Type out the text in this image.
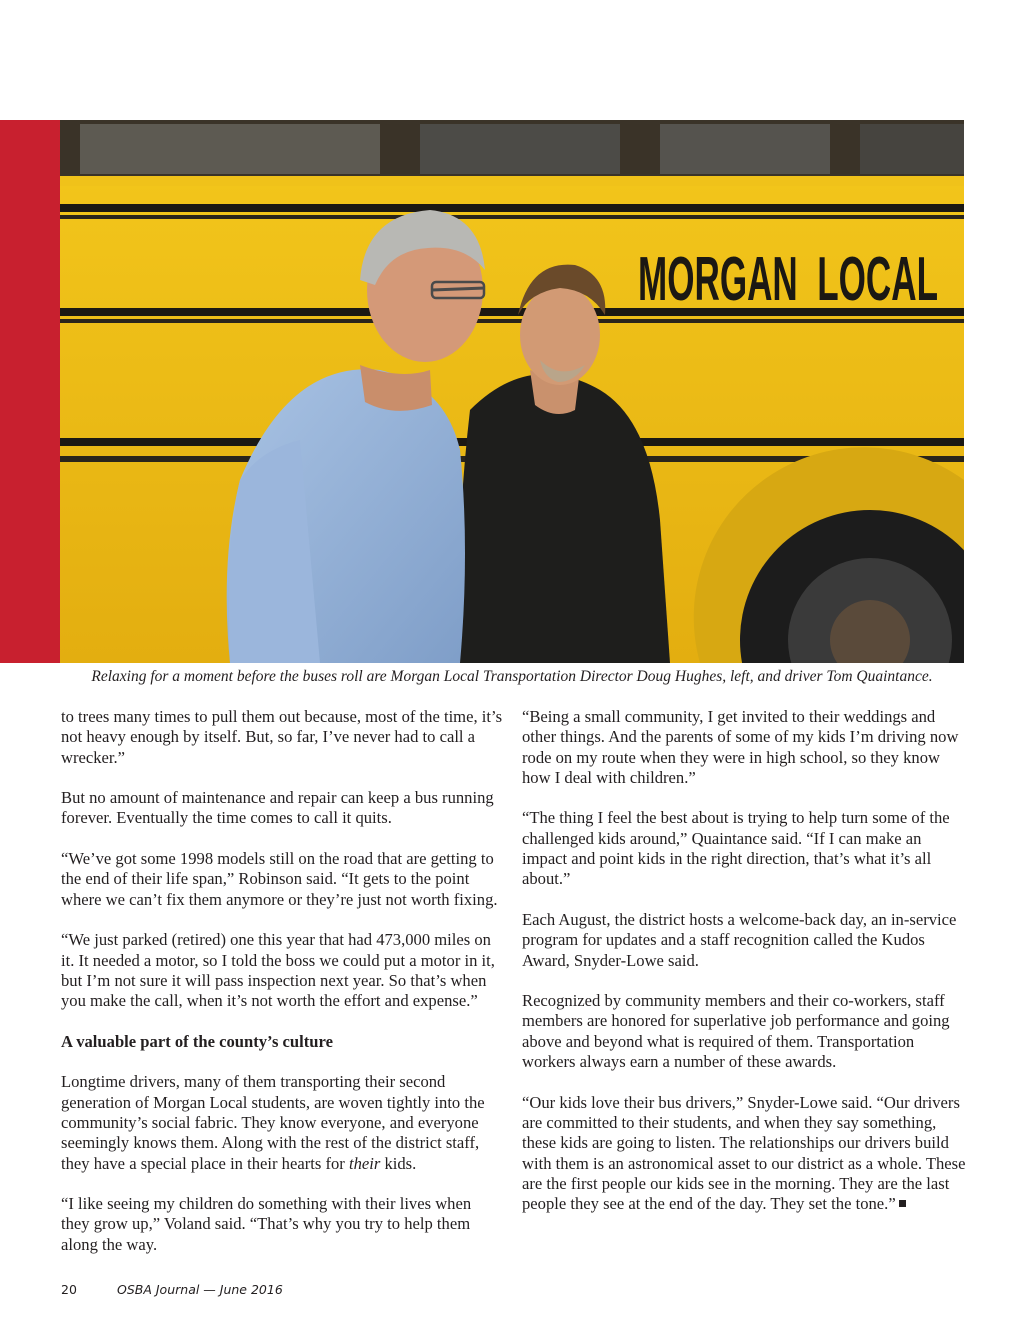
MORGAN  LOCAL
Relaxing for a moment before the buses roll are Morgan Local Transportation Director Doug Hughes, left, and driver Tom Quaintance.

to trees many times to pull them out because, most of the time, it’s not heavy enough by itself. But, so far, I’ve never had to call a wrecker.”

But no amount of maintenance and repair can keep a bus running forever. Eventually the time comes to call it quits.

“We’ve got some 1998 models still on the road that are getting to the end of their life span,” Robinson said. “It gets to the point where we can’t fix them anymore or they’re just not worth fixing.

“We just parked (retired) one this year that had 473,000 miles on it. It needed a motor, so I told the boss we could put a motor in it, but I’m not sure it will pass inspection next year. So that’s when you make the call, when it’s not worth the effort and expense.”

A valuable part of the county’s culture

Longtime drivers, many of them transporting their second generation of Morgan Local students, are woven tightly into the community’s social fabric. They know everyone, and everyone seemingly knows them. Along with the rest of the district staff, they have a special place in their hearts for their kids.

“I like seeing my children do something with their lives when they grow up,” Voland said. “That’s why you try to help them along the way.

“Being a small community, I get invited to their weddings and other things. And the parents of some of my kids I’m driving now rode on my route when they were in high school, so they know how I deal with children.”

“The thing I feel the best about is trying to help turn some of the challenged kids around,” Quaintance said. “If I can make an impact and point kids in the right direction, that’s what it’s all about.”

Each August, the district hosts a welcome-back day, an in-service program for updates and a staff recognition called the Kudos Award, Snyder-Lowe said.

Recognized by community members and their co-workers, staff members are honored for superlative job performance and going above and beyond what is required of them. Transportation workers always earn a number of these awards.

“Our kids love their bus drivers,” Snyder-Lowe said. “Our drivers are committed to their students, and when they say something, these kids are going to listen. The relationships our drivers build with them is an astronomical asset to our district as a whole. These are the first people our kids see in the morning. They are the last people they see at the end of the day. They set the tone.”

20	OSBA Journal — June 2016
